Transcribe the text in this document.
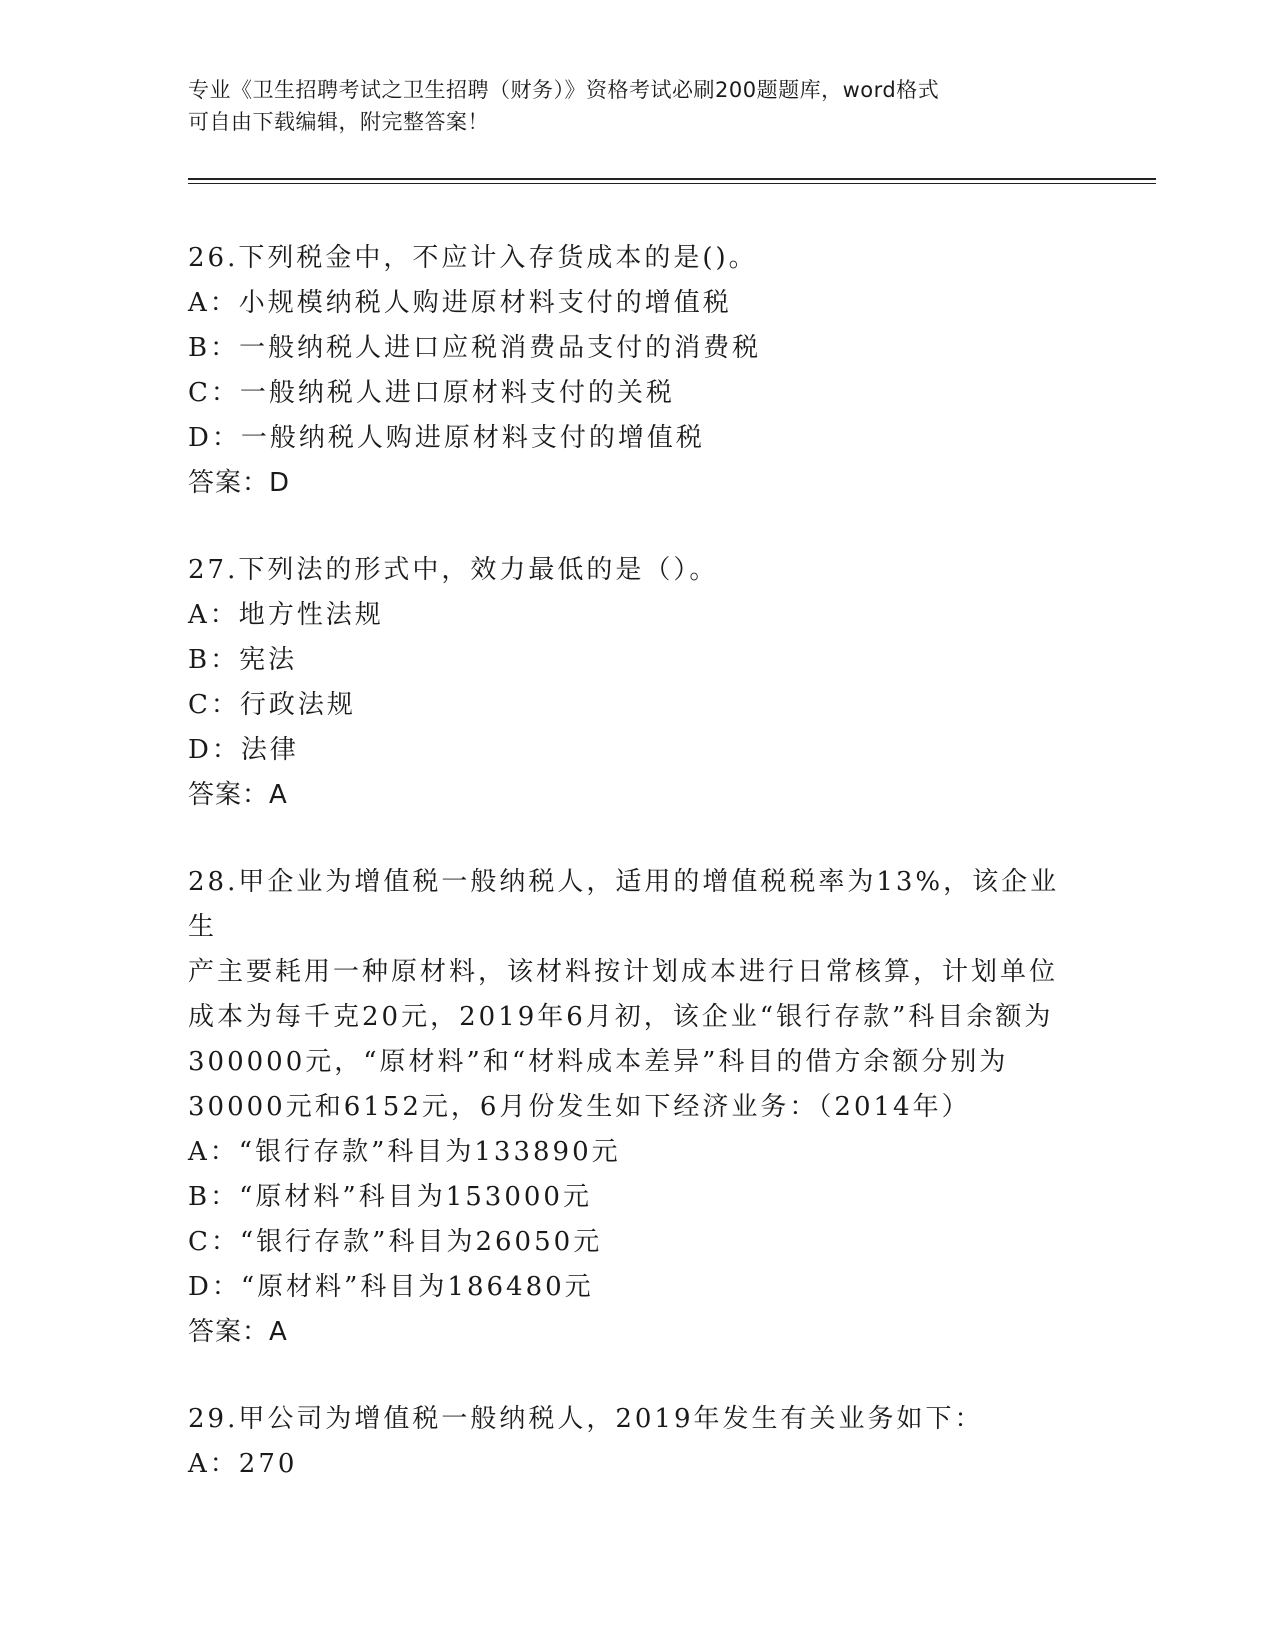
专业《卫生招聘考试之卫生招聘（财务）》资格考试必刷200题题库，word格式
可自由下载编辑，附完整答案！

26.下列税金中，不应计入存货成本的是()。

A：小规模纳税人购进原材料支付的增值税

B：一般纳税人进口应税消费品支付的消费税

C：一般纳税人进口原材料支付的关税

D：一般纳税人购进原材料支付的增值税

答案：D

27.下列法的形式中，效力最低的是（）。

A：地方性法规

B：宪法

C：行政法规

D：法律

答案：A

28.甲企业为增值税一般纳税人，适用的增值税税率为13%，该企业生

产主要耗用一种原材料，该材料按计划成本进行日常核算，计划单位

成本为每千克20元，2019年6月初，该企业“银行存款”科目余额为

300000元，“原材料”和“材料成本差异”科目的借方余额分别为

30000元和6152元，6月份发生如下经济业务：（2014年）

A：“银行存款”科目为133890元

B：“原材料”科目为153000元

C：“银行存款”科目为26050元

D：“原材料”科目为186480元

答案：A

29.甲公司为增值税一般纳税人，2019年发生有关业务如下：

A：270
